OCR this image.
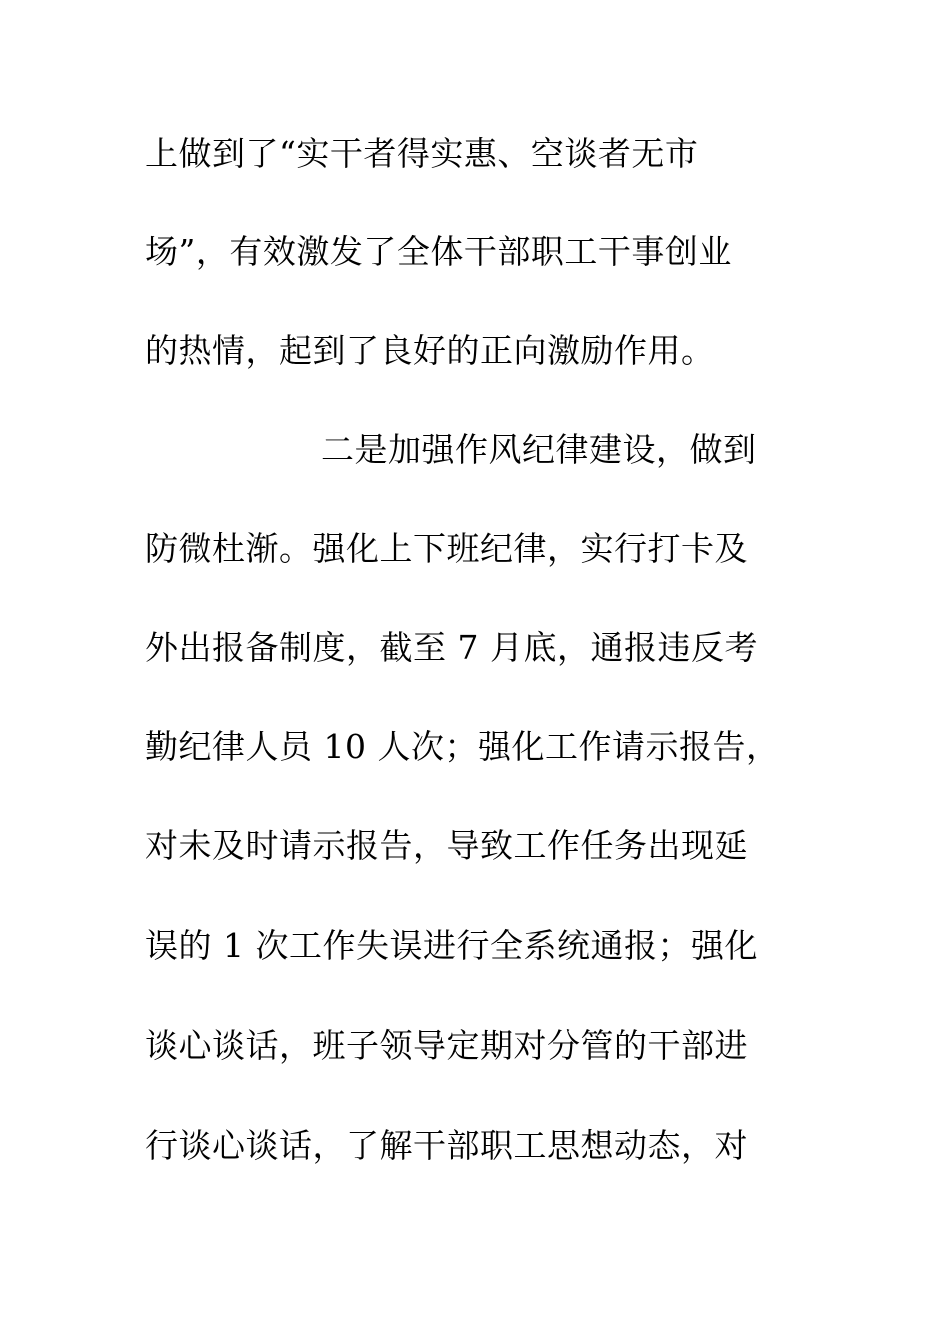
上做到了“实干者得实惠、空谈者无市
场”，有效激发了全体干部职工干事创业
的热情，起到了良好的正向激励作用。
二是加强作风纪律建设，做到
防微杜渐。强化上下班纪律，实行打卡及
外出报备制度，截至 7 月底，通报违反考
勤纪律人员 10 人次；强化工作请示报告，
对未及时请示报告，导致工作任务出现延
误的 1 次工作失误进行全系统通报；强化
谈心谈话，班子领导定期对分管的干部进
行谈心谈话，了解干部职工思想动态，对
